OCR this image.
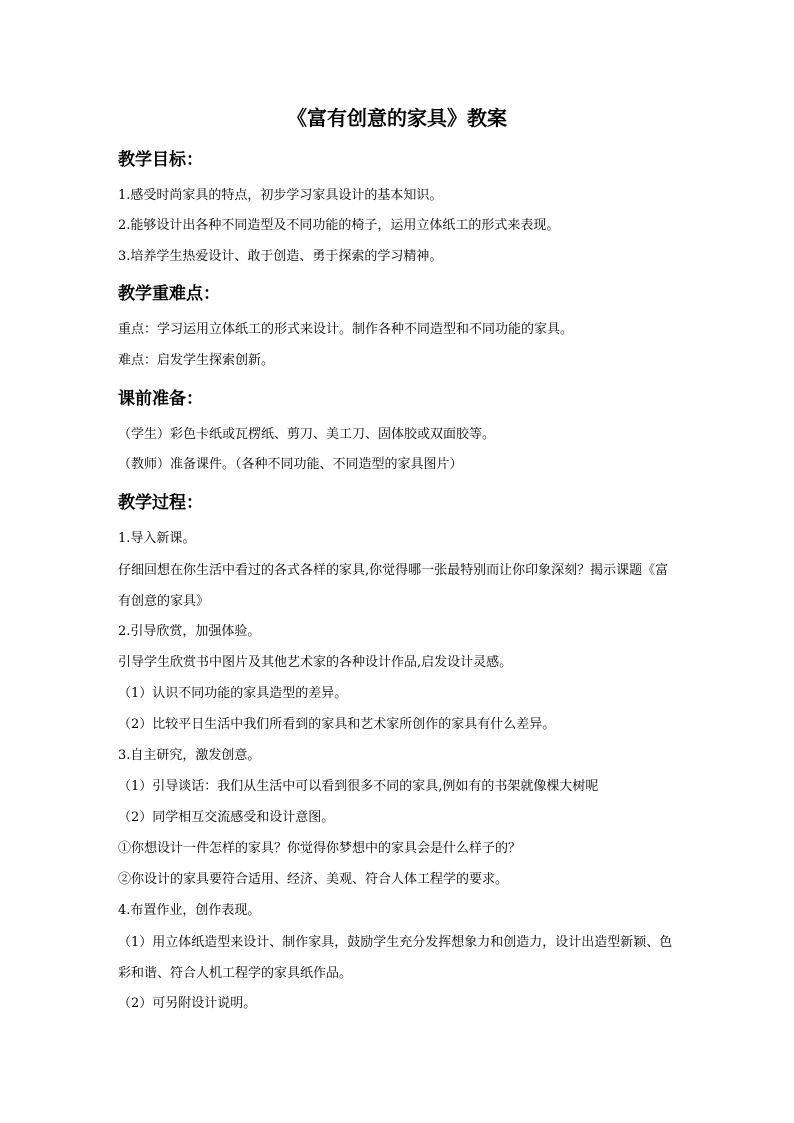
《富有创意的家具》教案
教学目标：
1.感受时尚家具的特点，初步学习家具设计的基本知识。
2.能够设计出各种不同造型及不同功能的椅子，运用立体纸工的形式来表现。
3.培养学生热爱设计、敢于创造、勇于探索的学习精神。
教学重难点：
重点：学习运用立体纸工的形式来设计。制作各种不同造型和不同功能的家具。
难点：启发学生探索创新。
课前准备：
（学生）彩色卡纸或瓦楞纸、剪刀、美工刀、固体胶或双面胶等。
（教师）准备课件。（各种不同功能、不同造型的家具图片）
教学过程：
1.导入新课。
仔细回想在你生活中看过的各式各样的家具,你觉得哪一张最特别而让你印象深刻？揭示课题《富有创意的家具》
2.引导欣赏，加强体验。
引导学生欣赏书中图片及其他艺术家的各种设计作品,启发设计灵感。
（1）认识不同功能的家具造型的差异。
（2）比较平日生活中我们所看到的家具和艺术家所创作的家具有什么差异。
3.自主研究，激发创意。
（1）引导谈话：我们从生活中可以看到很多不同的家具,例如有的书架就像棵大树呢
（2）同学相互交流感受和设计意图。
①你想设计一件怎样的家具？你觉得你梦想中的家具会是什么样子的？
②你设计的家具要符合适用、经济、美观、符合人体工程学的要求。
4.布置作业，创作表现。
（1）用立体纸造型来设计、制作家具，鼓励学生充分发挥想象力和创造力，设计出造型新颖、色彩和谐、符合人机工程学的家具纸作品。
（2）可另附设计说明。
